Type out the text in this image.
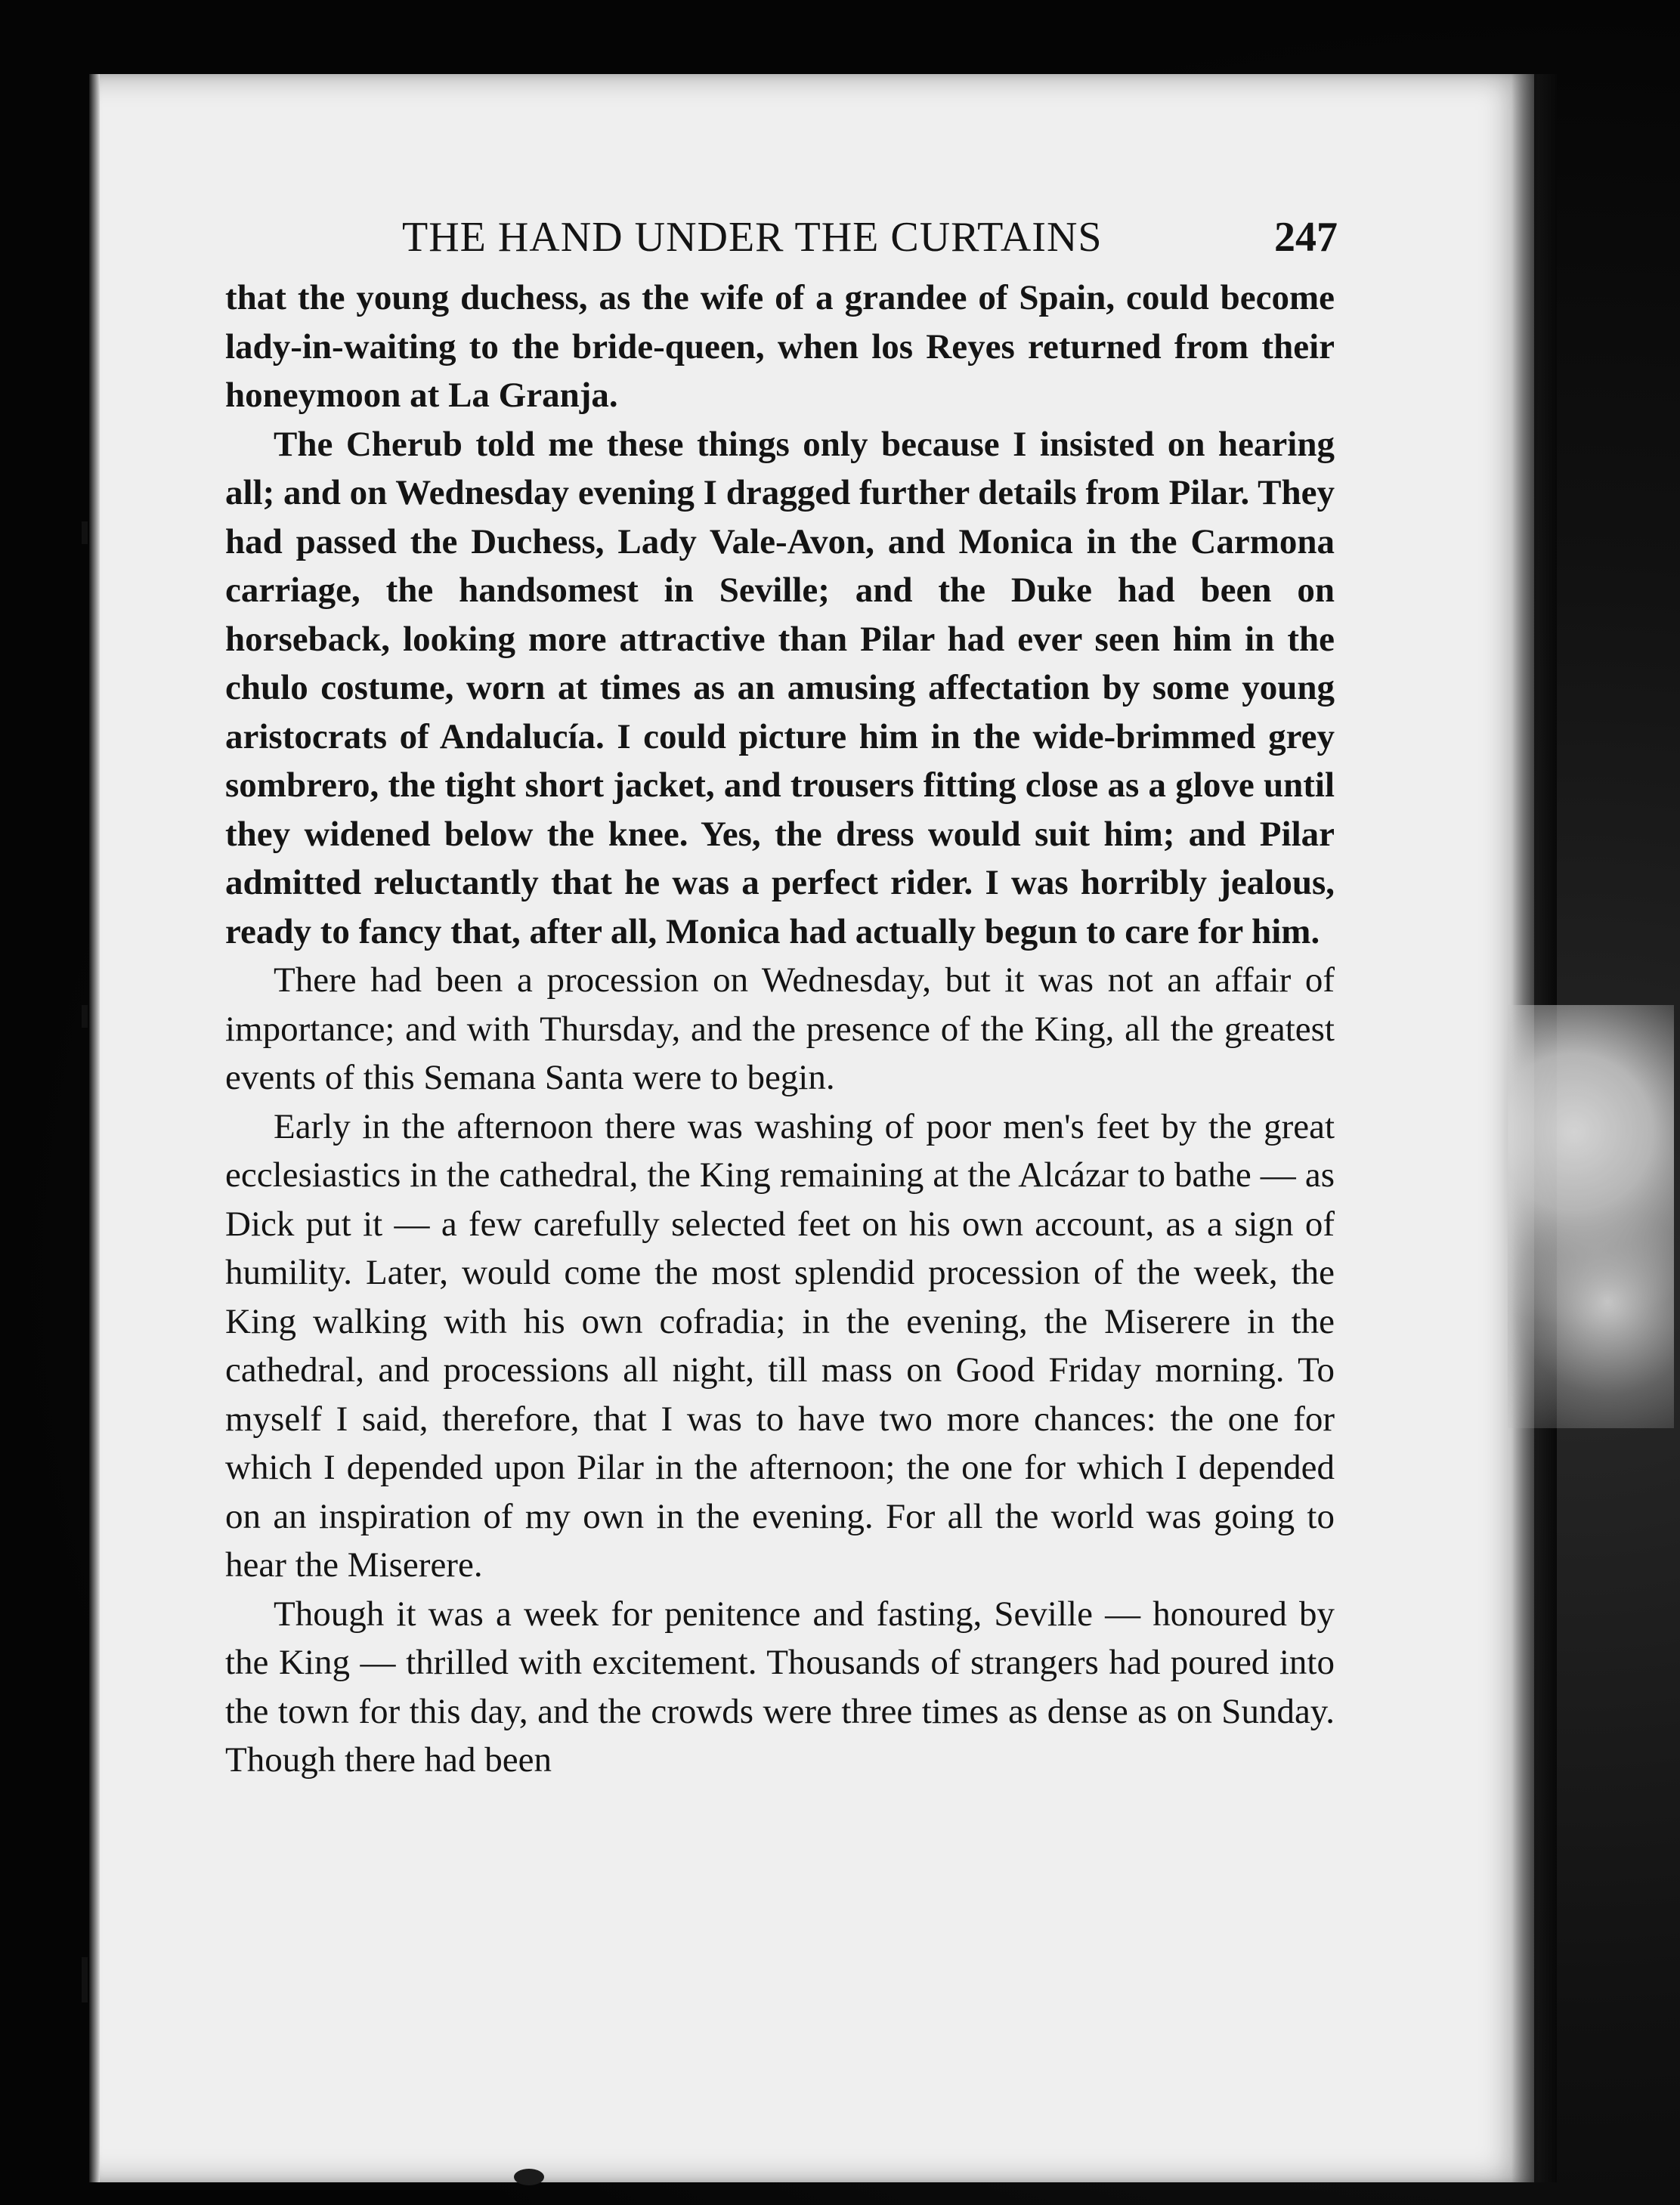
THE HAND UNDER THE CURTAINS	247

that the young duchess, as the wife of a grandee of Spain, could become lady-in-waiting to the bride-queen, when los Reyes returned from their honeymoon at La Granja.

The Cherub told me these things only because I insisted on hearing all; and on Wednesday evening I dragged further details from Pilar. They had passed the Duchess, Lady Vale-Avon, and Monica in the Carmona carriage, the handsomest in Seville; and the Duke had been on horseback, looking more attractive than Pilar had ever seen him in the chulo costume, worn at times as an amusing affectation by some young aristocrats of Andalucía. I could picture him in the wide-brimmed grey sombrero, the tight short jacket, and trousers fitting close as a glove until they widened below the knee. Yes, the dress would suit him; and Pilar admitted reluctantly that he was a perfect rider. I was horribly jealous, ready to fancy that, after all, Monica had actually begun to care for him.

There had been a procession on Wednesday, but it was not an affair of importance; and with Thursday, and the presence of the King, all the greatest events of this Semana Santa were to begin.

Early in the afternoon there was washing of poor men's feet by the great ecclesiastics in the cathedral, the King remaining at the Alcázar to bathe — as Dick put it — a few carefully selected feet on his own account, as a sign of humility. Later, would come the most splendid procession of the week, the King walking with his own cofradia; in the evening, the Miserere in the cathedral, and processions all night, till mass on Good Friday morning. To myself I said, therefore, that I was to have two more chances: the one for which I depended upon Pilar in the afternoon; the one for which I depended on an inspiration of my own in the evening. For all the world was going to hear the Miserere.

Though it was a week for penitence and fasting, Seville — honoured by the King — thrilled with excitement. Thousands of strangers had poured into the town for this day, and the crowds were three times as dense as on Sunday. Though there had been
